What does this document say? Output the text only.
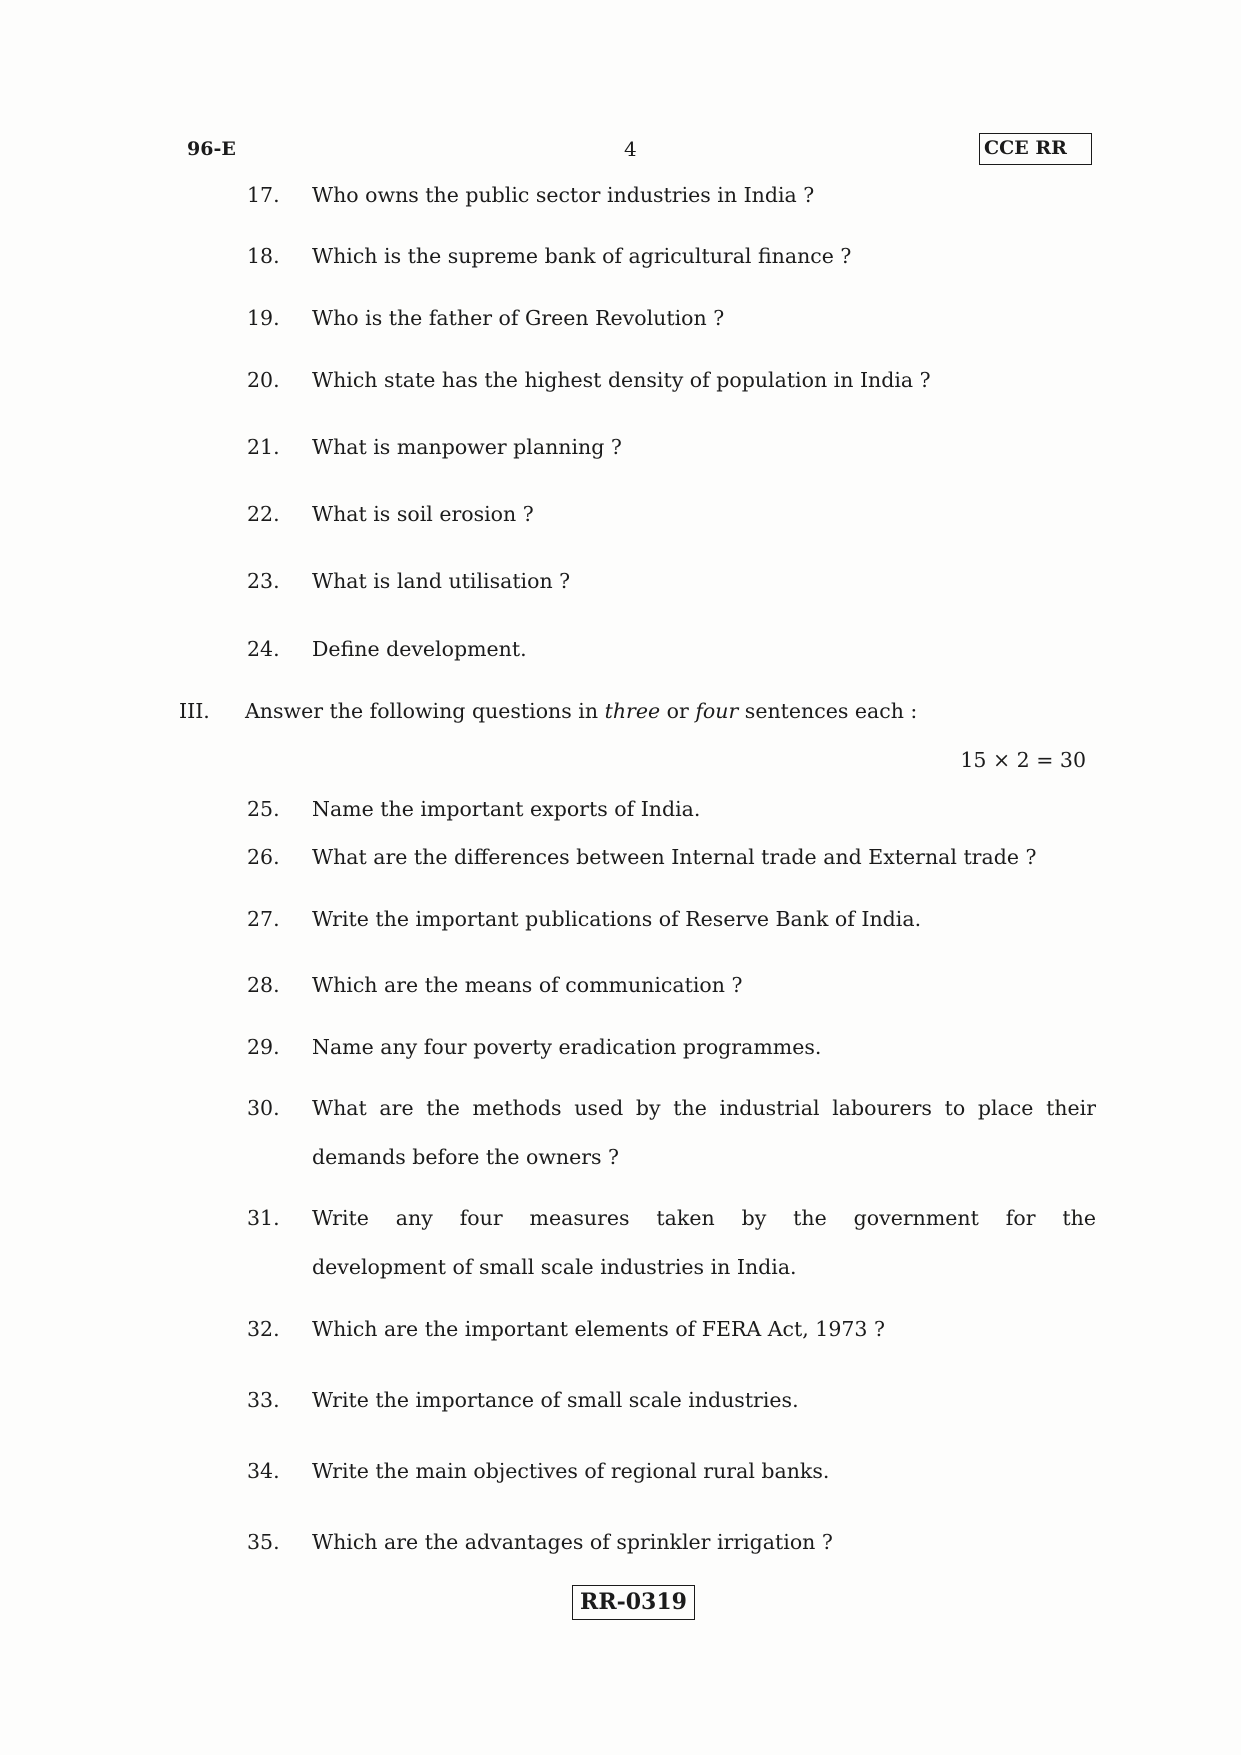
96-E	4	CCE RR
17. Who owns the public sector industries in India ?
18. Which is the supreme bank of agricultural finance ?
19. Who is the father of Green Revolution ?
20. Which state has the highest density of population in India ?
21. What is manpower planning ?
22. What is soil erosion ?
23. What is land utilisation ?
24. Define development.
III. Answer the following questions in three or four sentences each :
15 × 2 = 30
25. Name the important exports of India.
26. What are the differences between Internal trade and External trade ?
27. Write the important publications of Reserve Bank of India.
28. Which are the means of communication ?
29. Name any four poverty eradication programmes.
30. What are the methods used by the industrial labourers to place their
demands before the owners ?
31. Write any four measures taken by the government for the
development of small scale industries in India.
32. Which are the important elements of FERA Act, 1973 ?
33. Write the importance of small scale industries.
34. Write the main objectives of regional rural banks.
35. Which are the advantages of sprinkler irrigation ?
RR-0319
